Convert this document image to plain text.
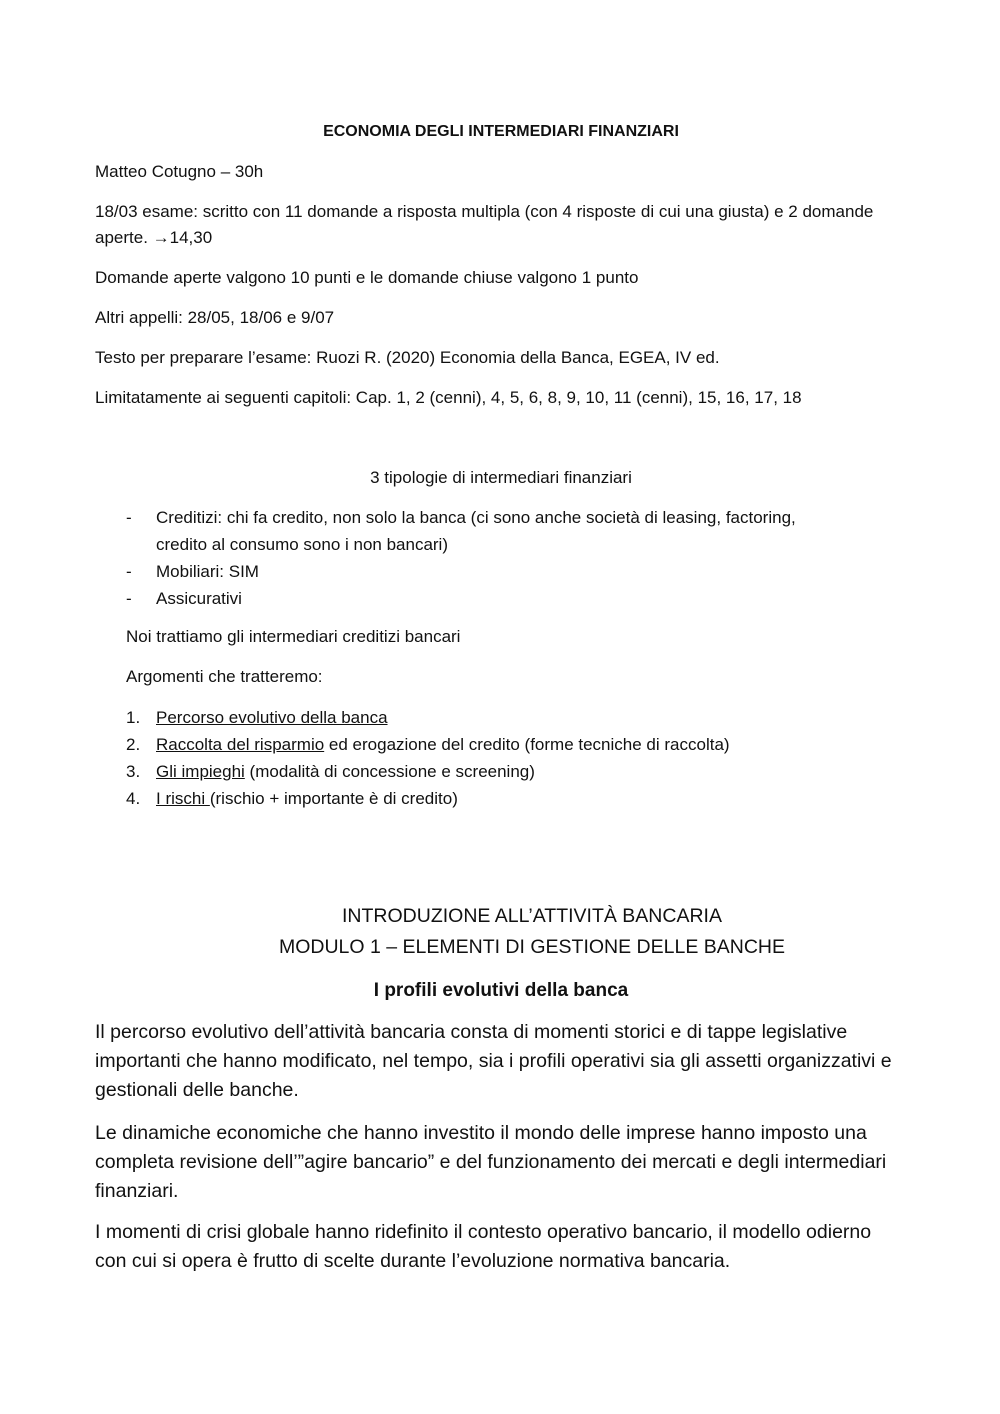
ECONOMIA DEGLI INTERMEDIARI FINANZIARI

Matteo Cotugno – 30h

18/03 esame: scritto con 11 domande a risposta multipla (con 4 risposte di cui una giusta) e 2 domande aperte. →14,30

Domande aperte valgono 10 punti e le domande chiuse valgono 1 punto

Altri appelli: 28/05, 18/06 e 9/07

Testo per preparare l’esame: Ruozi R. (2020) Economia della Banca, EGEA, IV ed.

Limitatamente ai seguenti capitoli: Cap. 1, 2 (cenni), 4, 5, 6, 8, 9, 10, 11 (cenni), 15, 16, 17, 18

3 tipologie di intermediari finanziari

- Creditizi: chi fa credito, non solo la banca (ci sono anche società di leasing, factoring, credito al consumo sono i non bancari)
- Mobiliari: SIM
- Assicurativi

Noi trattiamo gli intermediari creditizi bancari

Argomenti che tratteremo:

1. Percorso evolutivo della banca
2. Raccolta del risparmio ed erogazione del credito (forme tecniche di raccolta)
3. Gli impieghi (modalità di concessione e screening)
4. I rischi (rischio + importante è di credito)

INTRODUZIONE ALL’ATTIVITÀ BANCARIA

MODULO 1 – ELEMENTI DI GESTIONE DELLE BANCHE

I profili evolutivi della banca

Il percorso evolutivo dell’attività bancaria consta di momenti storici e di tappe legislative importanti che hanno modificato, nel tempo, sia i profili operativi sia gli assetti organizzativi e gestionali delle banche.

Le dinamiche economiche che hanno investito il mondo delle imprese hanno imposto una completa revisione dell’”agire bancario” e del funzionamento dei mercati e degli intermediari finanziari.

I momenti di crisi globale hanno ridefinito il contesto operativo bancario, il modello odierno con cui si opera è frutto di scelte durante l’evoluzione normativa bancaria.
